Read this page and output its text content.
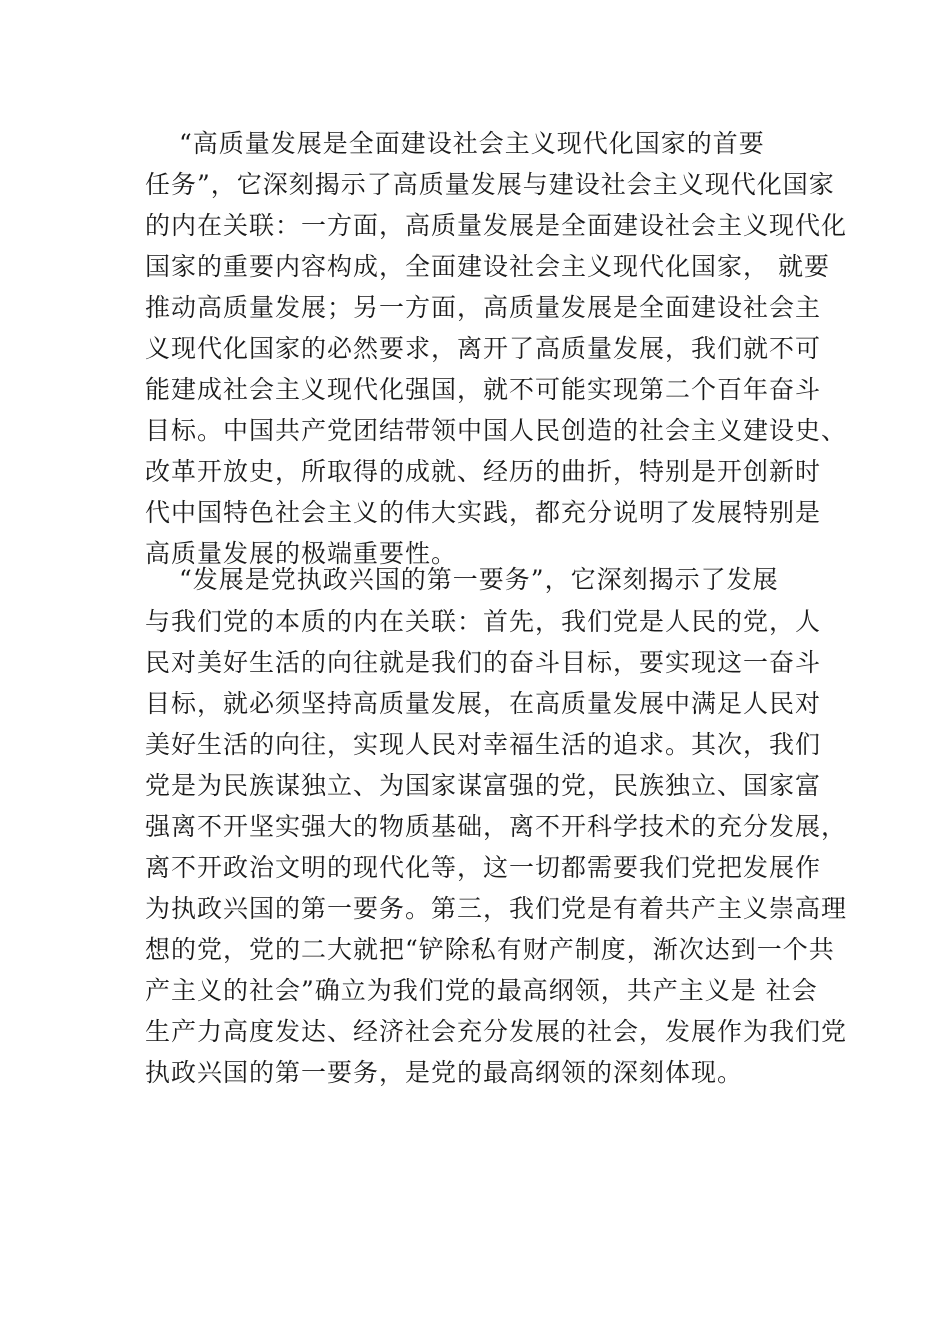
“高质量发展是全面建设社会主义现代化国家的首要
任务”，它深刻揭示了高质量发展与建设社会主义现代化国家
的内在关联：一方面，高质量发展是全面建设社会主义现代化
国家的重要内容构成，全面建设社会主义现代化国家， 就要
推动高质量发展；另一方面，高质量发展是全面建设社会主
义现代化国家的必然要求，离开了高质量发展，我们就不可
能建成社会主义现代化强国，就不可能实现第二个百年奋斗
目标。中国共产党团结带领中国人民创造的社会主义建设史、
改革开放史，所取得的成就、经历的曲折，特别是开创新时
代中国特色社会主义的伟大实践，都充分说明了发展特别是
高质量发展的极端重要性。
“发展是党执政兴国的第一要务”，它深刻揭示了发展
与我们党的本质的内在关联：首先，我们党是人民的党，人
民对美好生活的向往就是我们的奋斗目标，要实现这一奋斗
目标，就必须坚持高质量发展，在高质量发展中满足人民对
美好生活的向往，实现人民对幸福生活的追求。其次，我们
党是为民族谋独立、为国家谋富强的党，民族独立、国家富
强离不开坚实强大的物质基础，离不开科学技术的充分发展，
离不开政治文明的现代化等，这一切都需要我们党把发展作
为执政兴国的第一要务。第三，我们党是有着共产主义崇高理
想的党，党的二大就把“铲除私有财产制度，渐次达到一个共
产主义的社会”确立为我们党的最高纲领，共产主义是 社会
生产力高度发达、经济社会充分发展的社会，发展作为我们党
执政兴国的第一要务，是党的最高纲领的深刻体现。
